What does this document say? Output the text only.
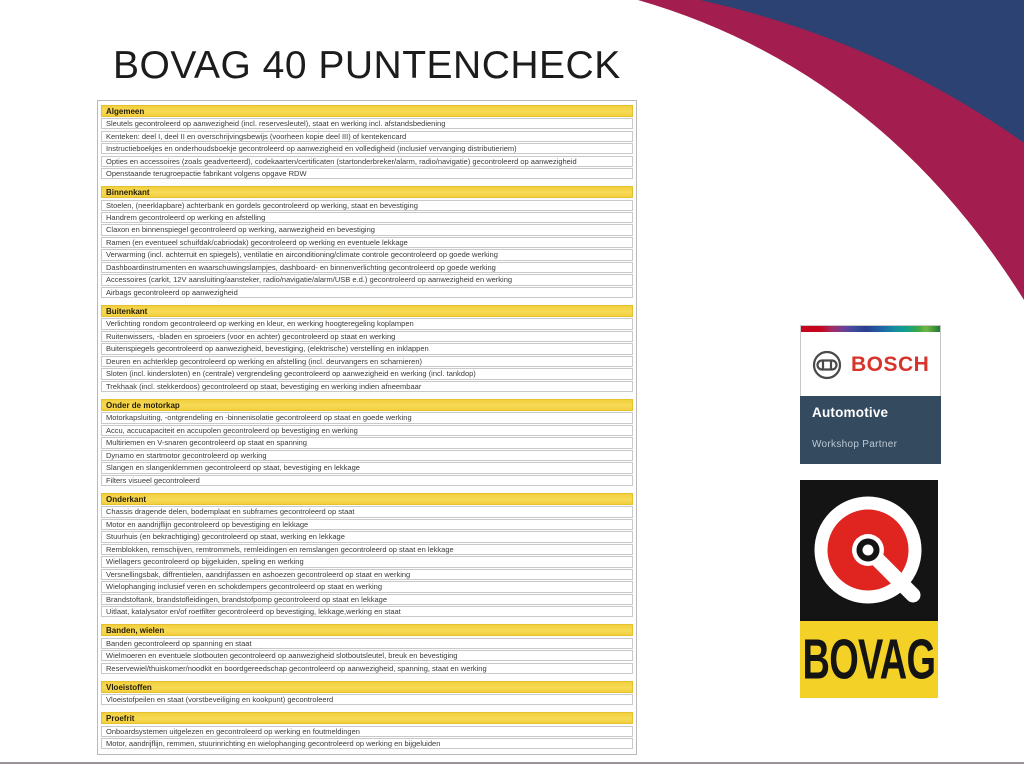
BOVAG 40 PUNTENCHECK
Algemeen
Sleutels gecontroleerd op aanwezigheid (incl. reservesleutel), staat en werking incl. afstandsbediening
Kenteken: deel I, deel II en overschrijvingsbewijs (voorheen kopie deel III) of kentekencard
Instructieboekjes en onderhoudsboekje gecontroleerd op aanwezigheid en volledigheid (inclusief vervanging distributieriem)
Opties en accessoires (zoals geadverteerd), codekaarten/certificaten (startonderbreker/alarm, radio/navigatie) gecontroleerd op aanwezigheid
Openstaande terugroepactie fabrikant volgens opgave RDW
Binnenkant
Stoelen, (neerklapbare) achterbank en gordels gecontroleerd op werking, staat en bevestiging
Handrem gecontroleerd op werking en afstelling
Claxon en binnenspiegel gecontroleerd op werking, aanwezigheid en bevestiging
Ramen (en eventueel schuifdak/cabriodak) gecontroleerd op werking en eventuele lekkage
Verwarming (incl. achterruit en spiegels), ventilatie en airconditioning/climate controle gecontroleerd op goede werking
Dashboardinstrumenten en waarschuwingslampjes, dashboard- en binnenverlichting gecontroleerd op goede werking
Accessoires (carkit, 12V aansluiting/aansteker, radio/navigatie/alarm/USB e.d.) gecontroleerd op aanwezigheid en werking
Airbags gecontroleerd op aanwezigheid
Buitenkant
Verlichting rondom gecontroleerd op werking en kleur, en werking hoogteregeling koplampen
Ruitenwissers, -bladen en sproeiers (voor en achter) gecontroleerd op staat en werking
Buitenspiegels gecontroleerd op aanwezigheid, bevestiging, (elektrische) verstelling en inklappen
Deuren en achterklep gecontroleerd op werking en afstelling (incl. deurvangers en scharnieren)
Sloten (incl. kindersloten) en (centrale) vergrendeling gecontroleerd op aanwezigheid en werking (incl. tankdop)
Trekhaak (incl. stekkerdoos) gecontroleerd op staat, bevestiging en werking indien afneembaar
Onder de motorkap
Motorkapsluiting, -ontgrendeling en -binnenisolatie gecontroleerd op staat en goede werking
Accu, accucapaciteit en accupolen gecontroleerd op bevestiging en werking
Multiriemen en V-snaren gecontroleerd op staat en spanning
Dynamo en startmotor gecontroleerd op werking
Slangen en slangenklemmen gecontroleerd op staat, bevestiging en lekkage
Filters visueel gecontroleerd
Onderkant
Chassis dragende delen, bodemplaat en subframes gecontroleerd op staat
Motor en aandrijflijn gecontroleerd op bevestiging en lekkage
Stuurhuis (en bekrachtiging) gecontroleerd op staat, werking en lekkage
Remblokken, remschijven, remtrommels, remleidingen en remslangen gecontroleerd op staat en lekkage
Wiellagers gecontroleerd op bijgeluiden, speling en werking
Versnellingsbak, diffrentielen, aandrijfassen en ashoezen gecontroleerd op staat en werking
Wielophanging inclusief veren en schokdempers gecontroleerd op staat en werking
Brandstoftank, brandstofleidingen, brandstofpomp gecontroleerd op staat en lekkage
Uitlaat, katalysator en/of roetfilter gecontroleerd op bevestiging, lekkage,werking en staat
Banden, wielen
Banden gecontroleerd op spanning en staat
Wielmoeren en eventuele slotbouten gecontroleerd op aanwezigheid slotboutsleutel, breuk en bevestiging
Reservewiel/thuiskomer/noodkit en boordgereedschap gecontroleerd op aanwezigheid, spanning, staat en werking
Vloeistoffen
Vloeistofpeilen en staat (vorstbeveiliging en kookpunt) gecontroleerd
Proefrit
Onboardsystemen uitgelezen en gecontroleerd op werking en foutmeldingen
Motor, aandrijflijn, remmen, stuurinrichting en wielophanging gecontroleerd op werking en bijgeluiden
BOSCH
Automotive
Workshop Partner
BOVAG
